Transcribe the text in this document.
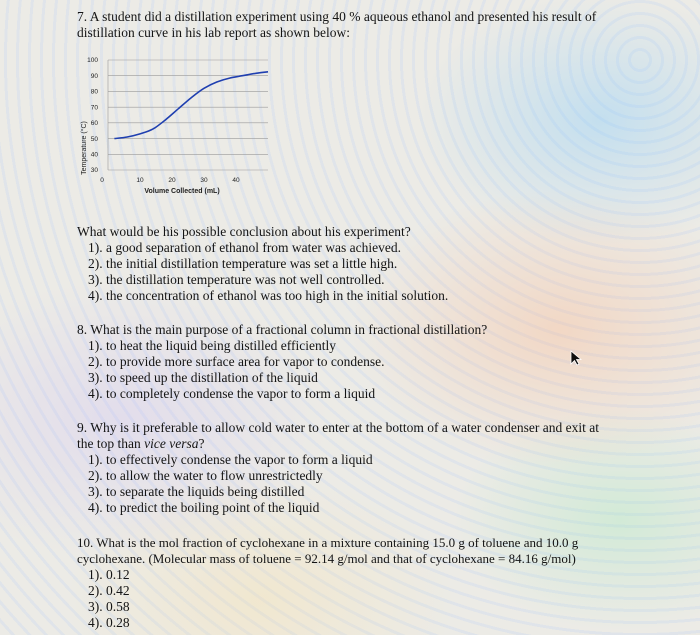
7. A student did a distillation experiment using 40 % aqueous ethanol and presented his result of
distillation curve in his lab report as shown below:
100
90
80
70
60
50
40
30
0	10	20	30	40
Temperature (°C)
Volume Collected (mL)
What would be his possible conclusion about his experiment?
1). a good separation of ethanol from water was achieved.
2). the initial distillation temperature was set a little high.
3). the distillation temperature was not well controlled.
4). the concentration of ethanol was too high in the initial solution.
8. What is the main purpose of a fractional column in fractional distillation?
1). to heat the liquid being distilled efficiently
2). to provide more surface area for vapor to condense.
3). to speed up the distillation of the liquid
4). to completely condense the vapor to form a liquid
9. Why is it preferable to allow cold water to enter at the bottom of a water condenser and exit at
the top than vice versa?
1). to effectively condense the vapor to form a liquid
2). to allow the water to flow unrestrictedly
3). to separate the liquids being distilled
4). to predict the boiling point of the liquid
10. What is the mol fraction of cyclohexane in a mixture containing 15.0 g of toluene and 10.0 g
cyclohexane. (Molecular mass of toluene = 92.14 g/mol and that of cyclohexane = 84.16 g/mol)
1). 0.12
2). 0.42
3). 0.58
4). 0.28
